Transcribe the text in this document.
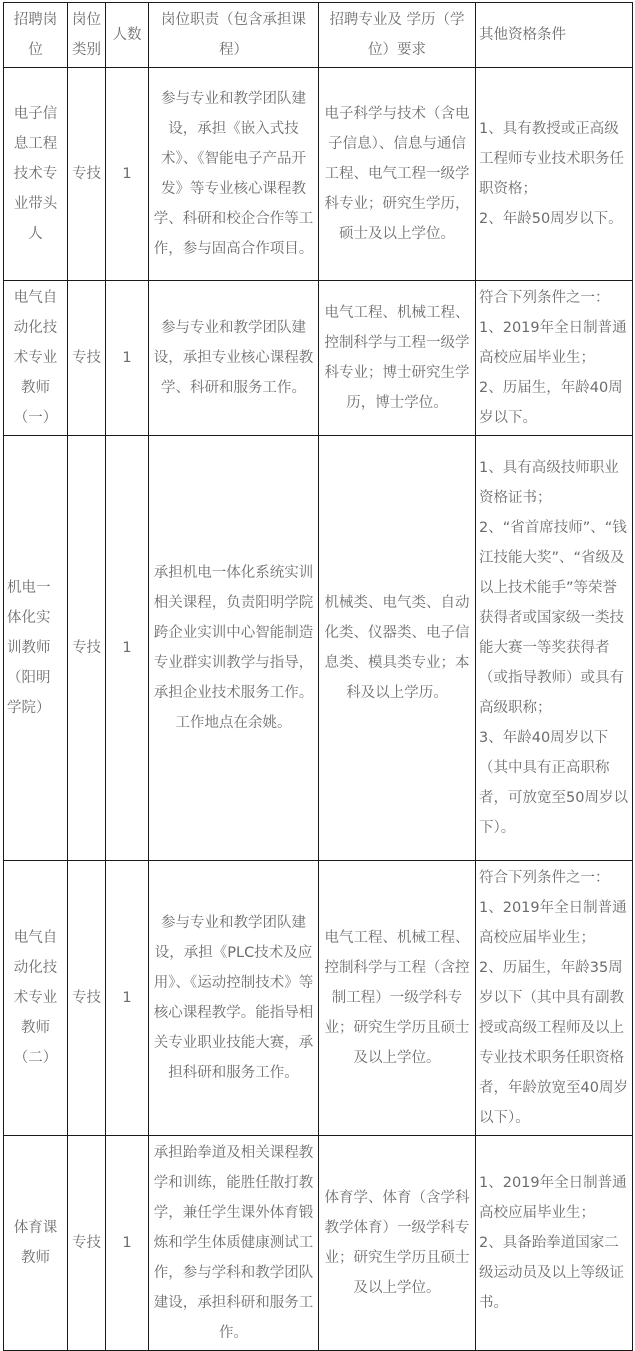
招聘岗位	岗位类别	人数	岗位职责（包含承担课程）	招聘专业及 学历（学位）要求	其他资格条件
电子信息工程技术专业带头人	专技	1	参与专业和教学团队建设，承担《嵌入式技术》、《智能电子产品开发》等专业核心课程教学、科研和校企合作等工作，参与固高合作项目。	电子科学与技术（含电子信息）、信息与通信工程、电气工程一级学科专业；研究生学历，硕士及以上学位。	1、具有教授或正高级工程师专业技术职务任职资格；
2、年龄50周岁以下。

电气自动化技术专业教师（一）	专技	1	参与专业和教学团队建设，承担专业核心课程教学、科研和服务工作。	电气工程、机械工程、控制科学与工程一级学科专业；博士研究生学历，博士学位。	符合下列条件之一：
1、2019年全日制普通高校应届毕业生；
2、历届生，年龄40周岁以下。

机电一体化实训教师（阳明学院）	专技	1	承担机电一体化系统实训相关课程，负责阳明学院跨企业实训中心智能制造专业群实训教学与指导，承担企业技术服务工作。工作地点在余姚。	机械类、电气类、自动化类、仪器类、电子信息类、模具类专业；本科及以上学历。	1、具有高级技师职业资格证书；
2、“省首席技师”、“钱江技能大奖”、“省级及以上技术能手”等荣誉获得者或国家级一类技能大赛一等奖获得者（或指导教师）或具有高级职称；
3、年龄40周岁以下（其中具有正高职称者，可放宽至50周岁以下）。

电气自动化技术专业教师（二）	专技	1	参与专业和教学团队建设，承担《PLC技术及应用》、《运动控制技术》等核心课程教学。能指导相关专业职业技能大赛，承担科研和服务工作。	电气工程、机械工程、控制科学与工程（含控制工程）一级学科专业；研究生学历且硕士及以上学位。	符合下列条件之一：
1、2019年全日制普通高校应届毕业生；
2、历届生，年龄35周岁以下（其中具有副教授或高级工程师及以上专业技术职务任职资格者，年龄放宽至40周岁以下）。

体育课教师	专技	1	承担跆拳道及相关课程教学和训练，能胜任散打教学，兼任学生课外体育锻炼和学生体质健康测试工作，参与学科和教学团队建设，承担科研和服务工作。	体育学、体育（含学科教学体育）一级学科专业；研究生学历且硕士及以上学位。	1、2019年全日制普通高校应届毕业生；
2、具备跆拳道国家二级运动员及以上等级证书。
